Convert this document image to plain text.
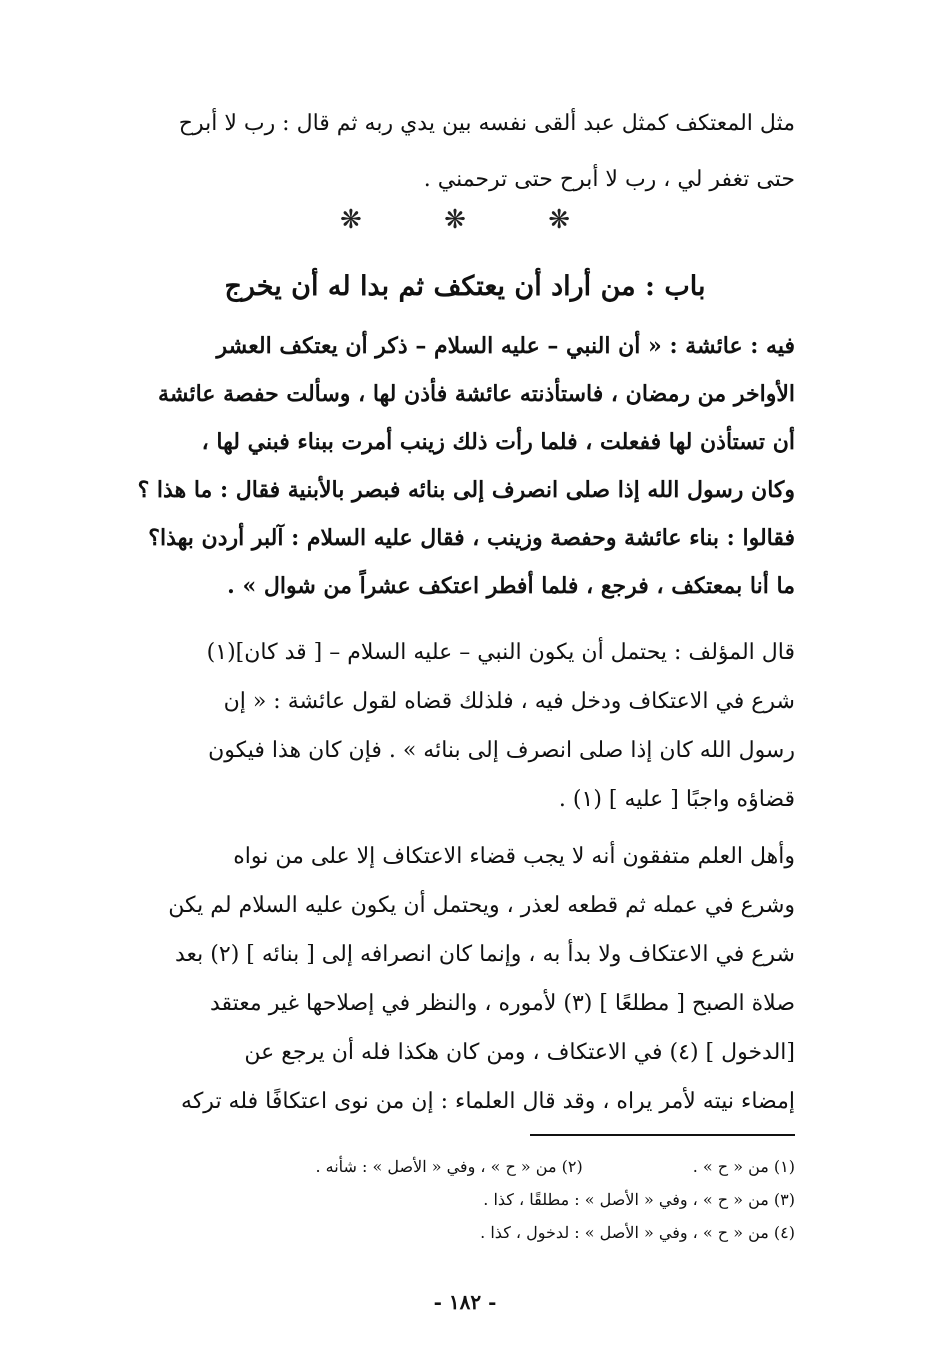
مثل المعتكف كمثل عبد ألقى نفسه بين يدي ربه ثم قال : رب لا أبرح
حتى تغفر لي ، رب لا أبرح حتى ترحمني .
❋	❋	❋
باب : من أراد أن يعتكف ثم بدا له أن يخرج
فيه : عائشة : « أن النبي – عليه السلام – ذكر أن يعتكف العشر
الأواخر من رمضان ، فاستأذنته عائشة فأذن لها ، وسألت حفصة عائشة
أن تستأذن لها ففعلت ، فلما رأت ذلك زينب أمرت ببناء فبني لها ،
وكان رسول الله إذا صلى انصرف إلى بنائه فبصر بالأبنية فقال : ما هذا ؟
فقالوا : بناء عائشة وحفصة وزينب ، فقال عليه السلام : آلبر أردن بهذا؟
ما أنا بمعتكف ، فرجع ، فلما أفطر اعتكف عشراً من شوال » .
قال المؤلف : يحتمل أن يكون النبي – عليه السلام – [ قد كان](١)
شرع في الاعتكاف ودخل فيه ، فلذلك قضاه لقول عائشة : « إن
رسول الله كان إذا صلى انصرف إلى بنائه » . فإن كان هذا فيكون
قضاؤه واجبًا [ عليه ] (١) .
وأهل العلم متفقون أنه لا يجب قضاء الاعتكاف إلا على من نواه
وشرع في عمله ثم قطعه لعذر ، ويحتمل أن يكون عليه السلام لم يكن
شرع في الاعتكاف ولا بدأ به ، وإنما كان انصرافه إلى [ بنائه ] (٢) بعد
صلاة الصبح [ مطلعًا ] (٣) لأموره ، والنظر في إصلاحها غير معتقد
[الدخول ] (٤) في الاعتكاف ، ومن كان هكذا فله أن يرجع عن
إمضاء نيته لأمر يراه ، وقد قال العلماء : إن من نوى اعتكافًا فله تركه
(١) من « ح » .
(٢) من « ح » ، وفي « الأصل » : شأنه .
(٣) من « ح » ، وفي « الأصل » : مطلقًا ، كذا .
(٤) من « ح » ، وفي « الأصل » : لدخول ، كذا .
- ١٨٢ -
